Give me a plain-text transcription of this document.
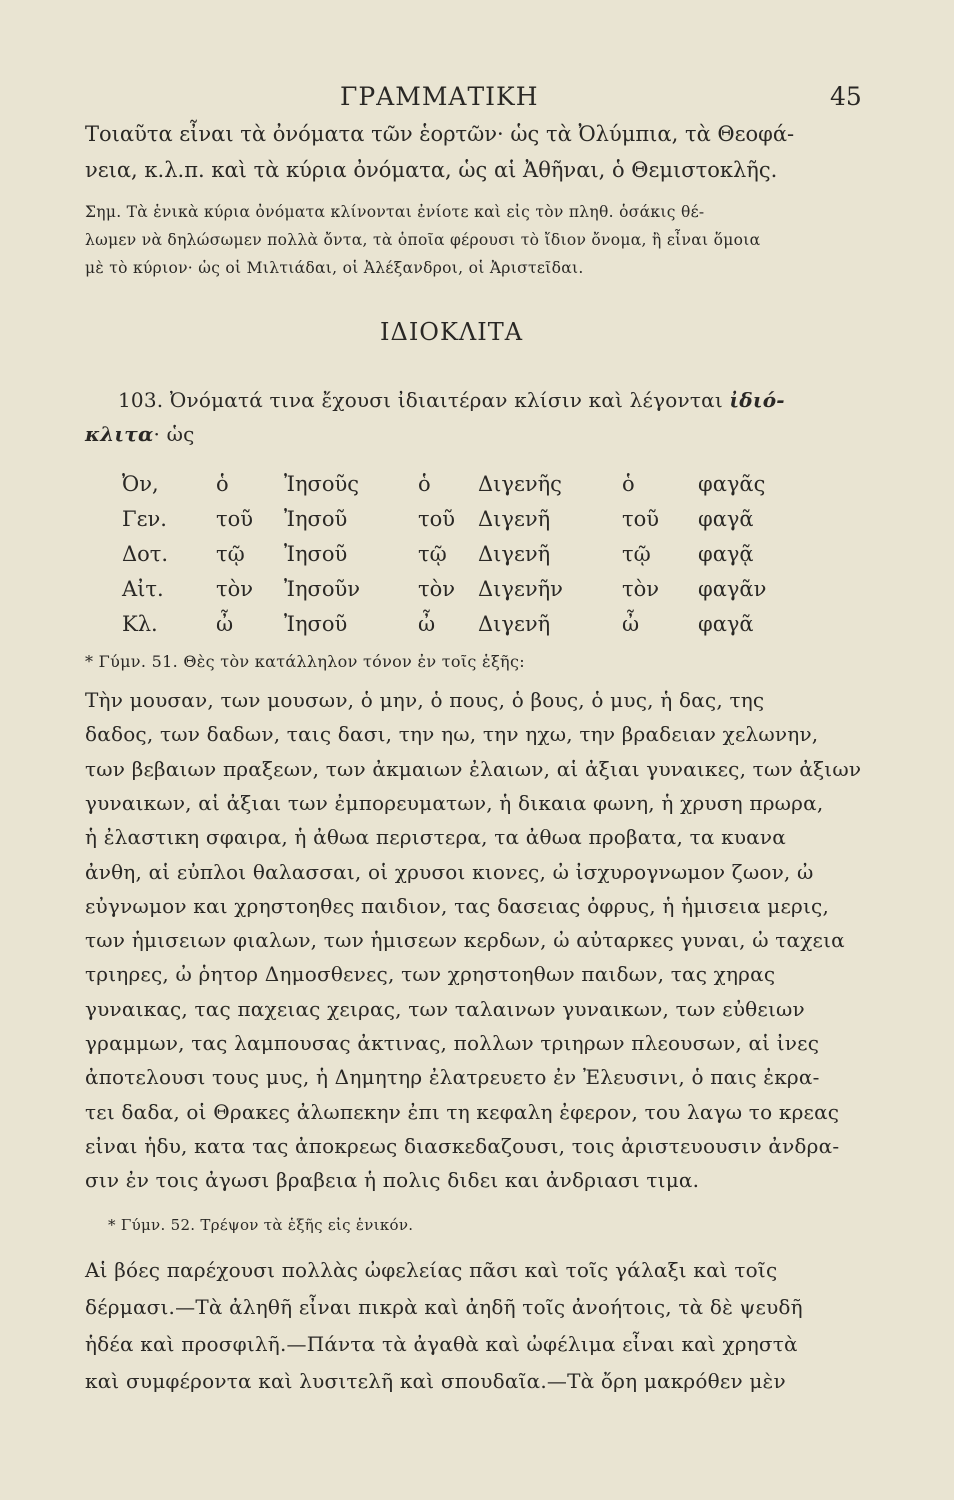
ΓΡΑΜΜΑΤΙΚΗ	45
Τοιαῦτα εἶναι τὰ ὀνόματα τῶν ἑορτῶν· ὡς τὰ Ὀλύμπια, τὰ Θεοφά-
νεια, κ.λ.π. καὶ τὰ κύρια ὀνόματα, ὡς αἱ Ἀθῆναι, ὁ Θεμιστοκλῆς.
Σημ. Τὰ ἑνικὰ κύρια ὀνόματα κλίνονται ἐνίοτε καὶ εἰς τὸν πληθ. ὁσάκις θέ-
λωμεν νὰ δηλώσωμεν πολλὰ ὄντα, τὰ ὁποῖα φέρουσι τὸ ἴδιον ὄνομα, ἢ εἶναι ὅμοια
μὲ τὸ κύριον· ὡς οἱ Μιλτιάδαι, οἱ Ἀλέξανδροι, οἱ Ἀριστεῖδαι.
ΙΔΙΟΚΛΙΤΑ
103. Ὀνόματά τινα ἔχουσι ἰδιαιτέραν κλίσιν καὶ λέγονται ἰδιό-
κλιτα· ὡς
Ὀν,	ὁ	Ἰησοῦς	ὁ	Διγενῆς	ὁ	φαγᾶς
Γεν.	τοῦ	Ἰησοῦ	τοῦ	Διγενῆ	τοῦ	φαγᾶ
Δοτ.	τῷ	Ἰησοῦ	τῷ	Διγενῆ	τῷ	φαγᾷ
Αἰτ.	τὸν	Ἰησοῦν	τὸν	Διγενῆν	τὸν	φαγᾶν
Κλ.	ὦ	Ἰησοῦ	ὦ	Διγενῆ	ὦ	φαγᾶ
* Γύμν. 51. Θὲς τὸν κατάλληλον τόνον ἐν τοῖς ἑξῆς:
Τὴν μουσαν, των μουσων, ὁ μην, ὁ πους, ὁ βους, ὁ μυς, ἡ δας, της
δαδος, των δαδων, ταις δασι, την ηω, την ηχω, την βραδειαν χελωνην,
των βεβαιων πραξεων, των ἀκμαιων ἐλαιων, αἱ ἀξιαι γυναικες, των ἀξιων
γυναικων, αἱ ἀξιαι των ἐμπορευματων, ἡ δικαια φωνη, ἡ χρυση πρωρα,
ἡ ἐλαστικη σφαιρα, ἡ ἀθωα περιστερα, τα ἀθωα προβατα, τα κυανα
ἀνθη, αἱ εὐπλοι θαλασσαι, οἱ χρυσοι κιονες, ὠ ἰσχυρογνωμον ζωον, ὠ
εὐγνωμον και χρηστοηθες παιδιον, τας δασειας ὀφρυς, ἡ ἡμισεια μερις,
των ἡμισειων φιαλων, των ἡμισεων κερδων, ὠ αὐταρκες γυναι, ὠ ταχεια
τριηρες, ὠ ῥητορ Δημοσθενες, των χρηστοηθων παιδων, τας χηρας
γυναικας, τας παχειας χειρας, των ταλαινων γυναικων, των εὐθειων
γραμμων, τας λαμπουσας ἀκτινας, πολλων τριηρων πλεουσων, αἱ ἰνες
ἀποτελουσι τους μυς, ἡ Δημητηρ ἐλατρευετο ἐν Ἐλευσινι, ὁ παις ἐκρα-
τει δαδα, οἱ Θρακες ἀλωπεκην ἐπι τη κεφαλη ἐφερον, του λαγω το κρεας
εἰναι ἡδυ, κατα τας ἀποκρεως διασκεδαζουσι, τοις ἀριστευουσιν ἀνδρα-
σιν ἐν τοις ἀγωσι βραβεια ἡ πολις διδει και ἀνδριασι τιμα.
* Γύμν. 52. Τρέψον τὰ ἑξῆς εἰς ἑνικόν.
Αἱ βόες παρέχουσι πολλὰς ὠφελείας πᾶσι καὶ τοῖς γάλαξι καὶ τοῖς
δέρμασι.—Τὰ ἀληθῆ εἶναι πικρὰ καὶ ἀηδῆ τοῖς ἀνοήτοις, τὰ δὲ ψευδῆ
ἡδέα καὶ προσφιλῆ.—Πάντα τὰ ἀγαθὰ καὶ ὠφέλιμα εἶναι καὶ χρηστὰ
καὶ συμφέροντα καὶ λυσιτελῆ καὶ σπουδαῖα.—Τὰ ὄρη μακρόθεν μὲν
